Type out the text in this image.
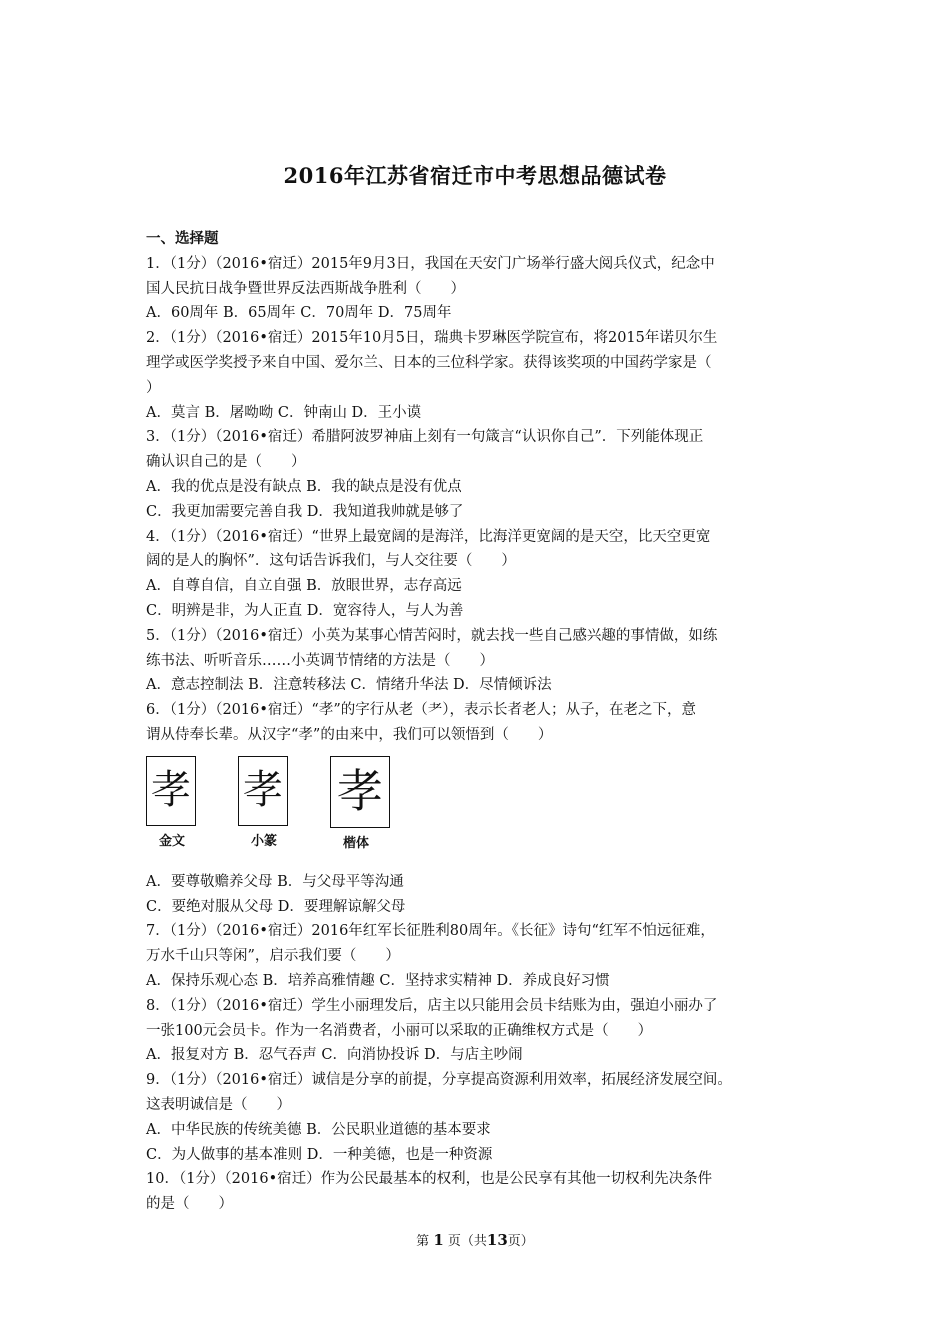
2016年江苏省宿迁市中考思想品德试卷
一、选择题
1．（1分）（2016•宿迁）2015年9月3日，我国在天安门广场举行盛大阅兵仪式，纪念中
国人民抗日战争暨世界反法西斯战争胜利（　　）
A．60周年 B．65周年 C．70周年 D．75周年
2．（1分）（2016•宿迁）2015年10月5日，瑞典卡罗琳医学院宣布，将2015年诺贝尔生
理学或医学奖授予来自中国、爱尔兰、日本的三位科学家。获得该奖项的中国药学家是（
）
A．莫言 B．屠呦呦 C．钟南山 D．王小谟
3．（1分）（2016•宿迁）希腊阿波罗神庙上刻有一句箴言“认识你自己”．下列能体现正
确认识自己的是（　　）
A．我的优点是没有缺点 B．我的缺点是没有优点
C．我更加需要完善自我 D．我知道我帅就是够了
4．（1分）（2016•宿迁）“世界上最宽阔的是海洋，比海洋更宽阔的是天空，比天空更宽
阔的是人的胸怀”．这句话告诉我们，与人交往要（　　）
A．自尊自信，自立自强 B．放眼世界，志存高远
C．明辨是非，为人正直 D．宽容待人，与人为善
5．（1分）（2016•宿迁）小英为某事心情苦闷时，就去找一些自己感兴趣的事情做，如练
练书法、听听音乐……小英调节情绪的方法是（　　）
A．意志控制法 B．注意转移法 C．情绪升华法 D．尽情倾诉法
6．（1分）（2016•宿迁）“孝”的字行从老（耂），表示长者老人；从子，在老之下，意
谓从侍奉长辈。从汉字“孝”的由来中，我们可以领悟到（　　）
孝
金文
孝
小篆
孝
楷体
A．要尊敬赡养父母 B．与父母平等沟通
C．要绝对服从父母 D．要理解谅解父母
7．（1分）（2016•宿迁）2016年红军长征胜利80周年。《长征》诗句“红军不怕远征难，
万水千山只等闲”，启示我们要（　　）
A．保持乐观心态 B．培养高雅情趣 C．坚持求实精神 D．养成良好习惯
8．（1分）（2016•宿迁）学生小丽理发后，店主以只能用会员卡结账为由，强迫小丽办了
一张100元会员卡。作为一名消费者，小丽可以采取的正确维权方式是（　　）
A．报复对方 B．忍气吞声 C．向消协投诉 D．与店主吵闹
9．（1分）（2016•宿迁）诚信是分享的前提，分享提高资源利用效率，拓展经济发展空间。
这表明诚信是（　　）
A．中华民族的传统美德 B．公民职业道德的基本要求
C．为人做事的基本准则 D．一种美德，也是一种资源
10．（1分）（2016•宿迁）作为公民最基本的权利，也是公民享有其他一切权利先决条件
的是（　　）
第 1 页（共13页）
